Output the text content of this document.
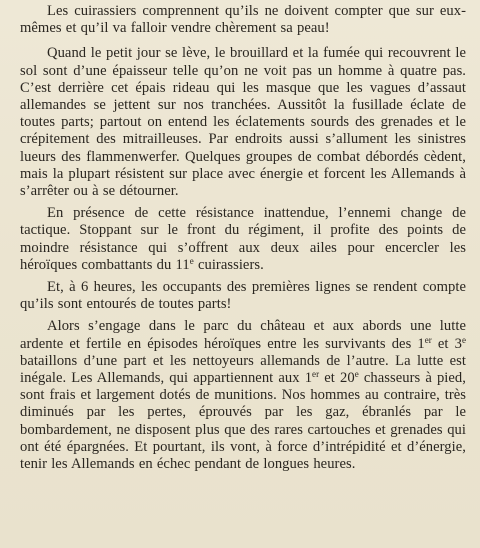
Les cuirassiers comprennent qu’ils ne doivent compter que sur eux-mêmes et qu’il va falloir vendre chèrement sa peau!

Quand le petit jour se lève, le brouillard et la fumée qui recouvrent le sol sont d’une épaisseur telle qu’on ne voit pas un homme à quatre pas. C’est derrière cet épais rideau qui les masque que les vagues d’assaut allemandes se jettent sur nos tranchées. Aussitôt la fusillade éclate de toutes parts; partout on entend les éclatements sourds des grenades et le crépitement des mitrailleuses. Par endroits aussi s’allument les sinistres lueurs des flammenwerfer. Quelques groupes de combat débordés cèdent, mais la plupart résistent sur place avec énergie et forcent les Allemands à s’arrêter ou à se détourner.

En présence de cette résistance inattendue, l’ennemi change de tactique. Stoppant sur le front du régiment, il profite des points de moindre résistance qui s’offrent aux deux ailes pour encercler les héroïques combattants du 11e cuirassiers.

Et, à 6 heures, les occupants des premières lignes se rendent compte qu’ils sont entourés de toutes parts!

Alors s’engage dans le parc du château et aux abords une lutte ardente et fertile en épisodes héroïques entre les survivants des 1er et 3e bataillons d’une part et les nettoyeurs allemands de l’autre. La lutte est inégale. Les Allemands, qui appartiennent aux 1er et 20e chasseurs à pied, sont frais et largement dotés de munitions. Nos hommes au contraire, très diminués par les pertes, éprouvés par les gaz, ébranlés par le bombardement, ne disposent plus que des rares cartouches et grenades qui ont été épargnées. Et pourtant, ils vont, à force d’intrépidité et d’énergie, tenir les Allemands en échec pendant de longues heures.
